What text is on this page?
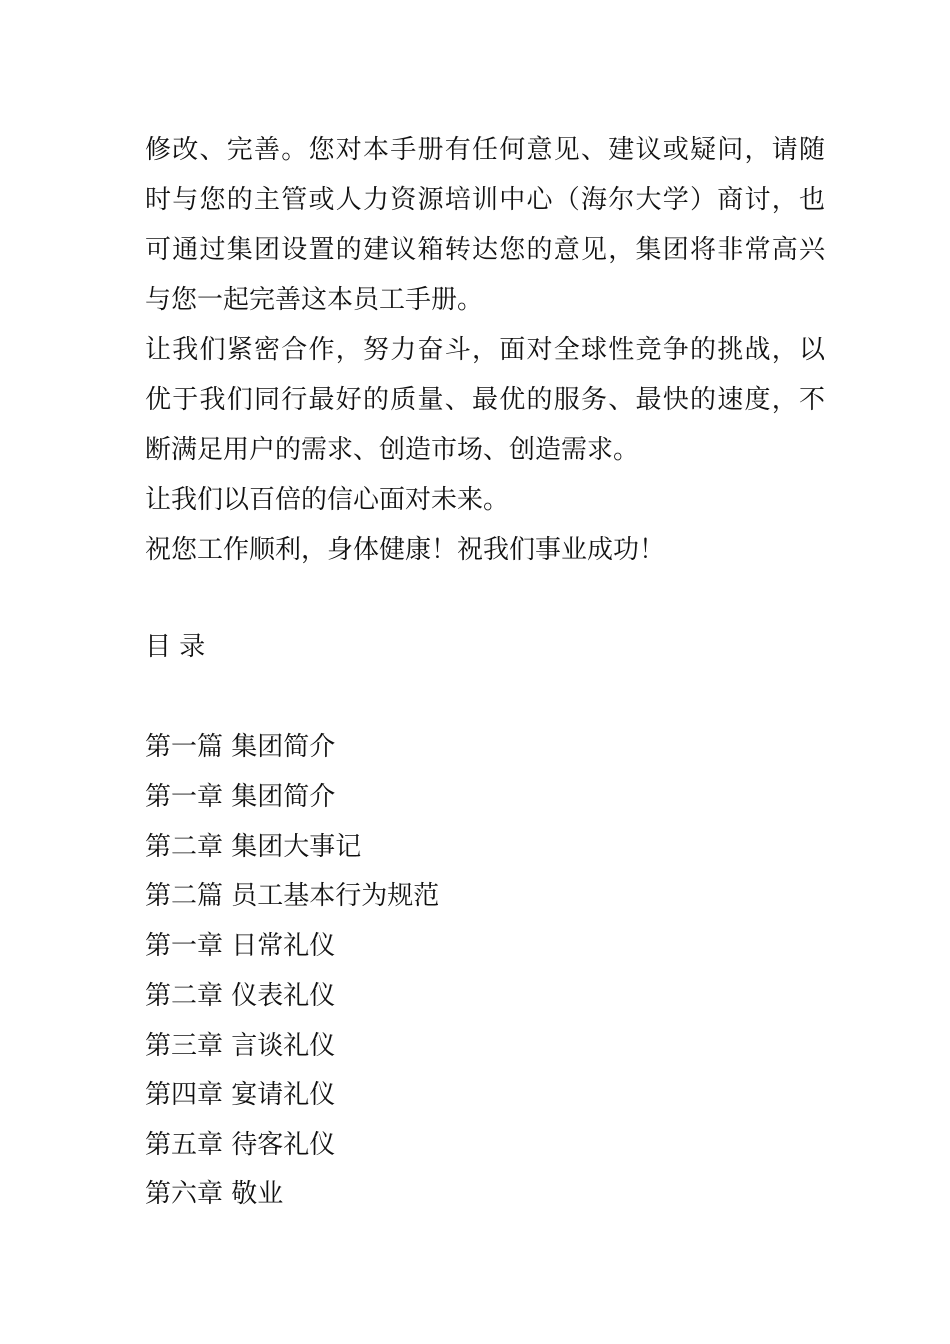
修改、完善。您对本手册有任何意见、建议或疑问，请随
时与您的主管或人力资源培训中心（海尔大学）商讨，也
可通过集团设置的建议箱转达您的意见，集团将非常高兴
与您一起完善这本员工手册。
让我们紧密合作，努力奋斗，面对全球性竞争的挑战，以
优于我们同行最好的质量、最优的服务、最快的速度，不
断满足用户的需求、创造市场、创造需求。
让我们以百倍的信心面对未来。
祝您工作顺利，身体健康！祝我们事业成功！
目 录
第一篇 集团简介
第一章 集团简介
第二章 集团大事记
第二篇 员工基本行为规范
第一章 日常礼仪
第二章 仪表礼仪
第三章 言谈礼仪
第四章 宴请礼仪
第五章 待客礼仪
第六章 敬业
